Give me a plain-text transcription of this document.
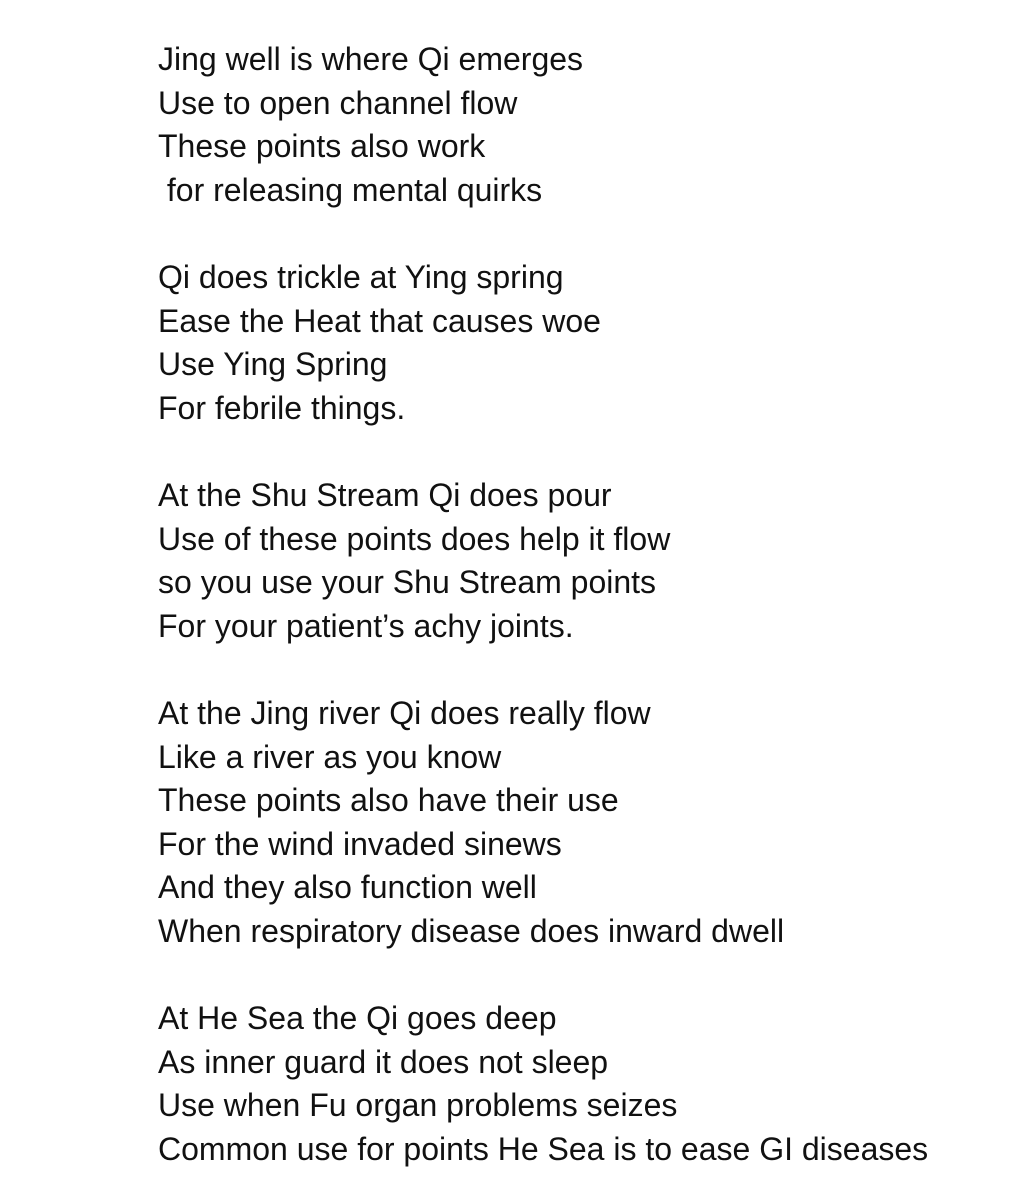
Jing well is where Qi emerges
Use to open channel flow
These points also work
for releasing mental quirks
Qi does trickle at Ying spring
Ease the Heat that causes woe
Use Ying Spring
For febrile things.
At the Shu Stream Qi does pour
Use of these points does help it flow
so you use your Shu Stream points
For your patient’s achy joints.
At the Jing river Qi does really flow
Like a river as you know
These points also have their use
For the wind invaded sinews
And they also function well
When respiratory disease does inward dwell
At He Sea the Qi goes deep
As inner guard it does not sleep
Use when Fu organ problems seizes
Common use for points He Sea is to ease GI diseases
